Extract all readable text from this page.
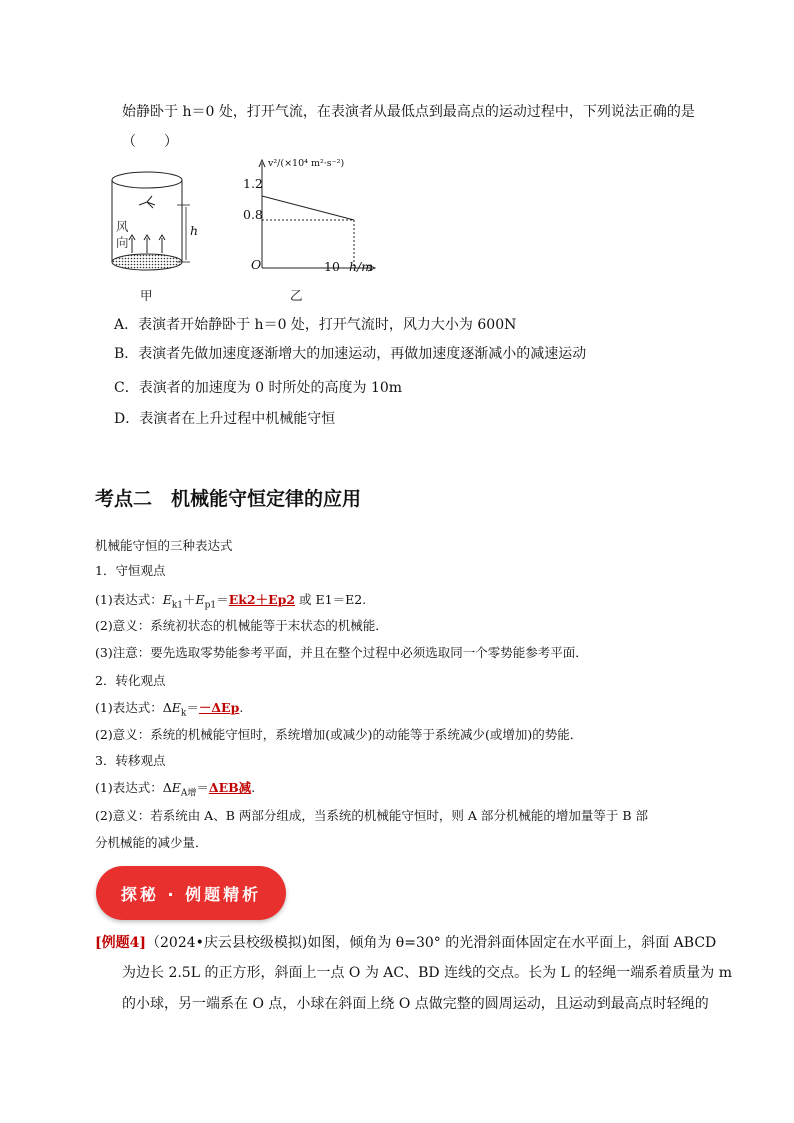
始静卧于 h＝0 处，打开气流，在表演者从最低点到最高点的运动过程中，下列说法正确的是
（　　）
风
向
h
甲
v²/(×10⁴ m²·s⁻²)
1.2
0.8
O	10 h/m
乙
A．表演者开始静卧于 h＝0 处，打开气流时，风力大小为 600N
B．表演者先做加速度逐渐增大的加速运动，再做加速度逐渐减小的减速运动
C．表演者的加速度为 0 时所处的高度为 10m
D．表演者在上升过程中机械能守恒
考点二　机械能守恒定律的应用
机械能守恒的三种表达式
1．守恒观点
(1)表达式：$E_{k1}+E_{p1}=Ek2+Ep2$ 或 E1＝E2.
(2)意义：系统初状态的机械能等于末状态的机械能．
(3)注意：要先选取零势能参考平面，并且在整个过程中必须选取同一个零势能参考平面．
2．转化观点
(1)表达式：$\Delta E_k=-\Delta Ep$.
(2)意义：系统的机械能守恒时，系统增加(或减少)的动能等于系统减少(或增加)的势能．
3．转移观点
(1)表达式：$\Delta E_{A增}=\Delta EB$减.
(2)意义：若系统由 A、B 两部分组成，当系统的机械能守恒时，则 A 部分机械能的增加量等于 B 部
分机械能的减少量．
探秘 · 例题精析
[例题4]（2024•庆云县校级模拟)如图，倾角为 θ=30° 的光滑斜面体固定在水平面上，斜面 ABCD
为边长 2.5L 的正方形，斜面上一点 O 为 AC、BD 连线的交点。长为 L 的轻绳一端系着质量为 m
的小球，另一端系在 O 点，小球在斜面上绕 O 点做完整的圆周运动，且运动到最高点时轻绳的
